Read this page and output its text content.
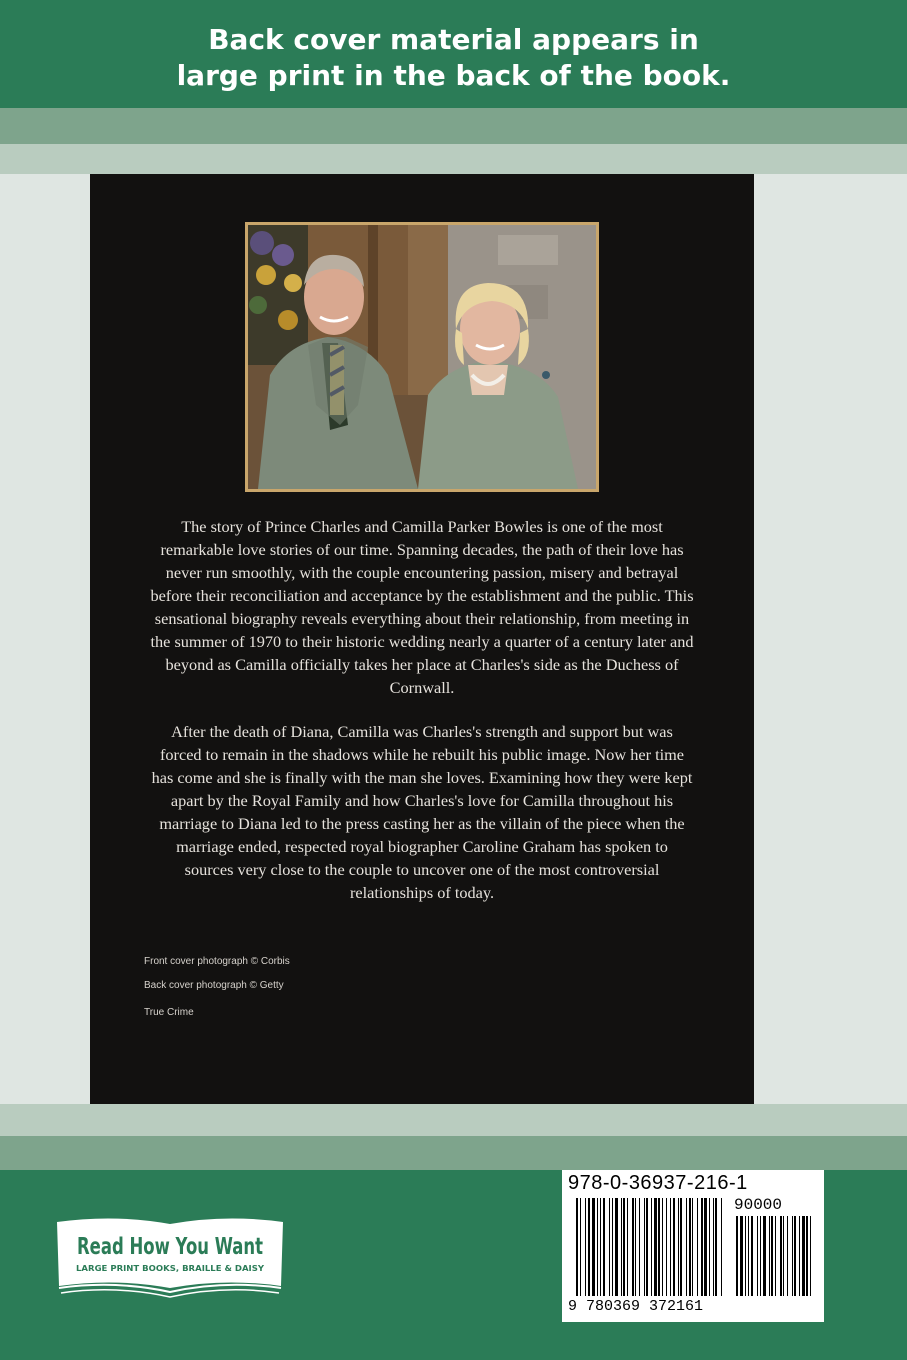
Back cover material appears in
large print in the back of the book.

The story of Prince Charles and Camilla Parker Bowles is one of the most remarkable love stories of our time. Spanning decades, the path of their love has never run smoothly, with the couple encountering passion, misery and betrayal before their reconciliation and acceptance by the establishment and the public. This sensational biography reveals everything about their relationship, from meeting in the summer of 1970 to their historic wedding nearly a quarter of a century later and beyond as Camilla officially takes her place at Charles's side as the Duchess of Cornwall.

After the death of Diana, Camilla was Charles's strength and support but was forced to remain in the shadows while he rebuilt his public image. Now her time has come and she is finally with the man she loves. Examining how they were kept apart by the Royal Family and how Charles's love for Camilla throughout his marriage to Diana led to the press casting her as the villain of the piece when the marriage ended, respected royal biographer Caroline Graham has spoken to sources very close to the couple to uncover one of the most controversial relationships of today.

Front cover photograph © Corbis
Back cover photograph © Getty
True Crime
Read How You Want
LARGE PRINT BOOKS, BRAILLE & DAISY
978-0-36937-216-1
90000
9 780369 372161
